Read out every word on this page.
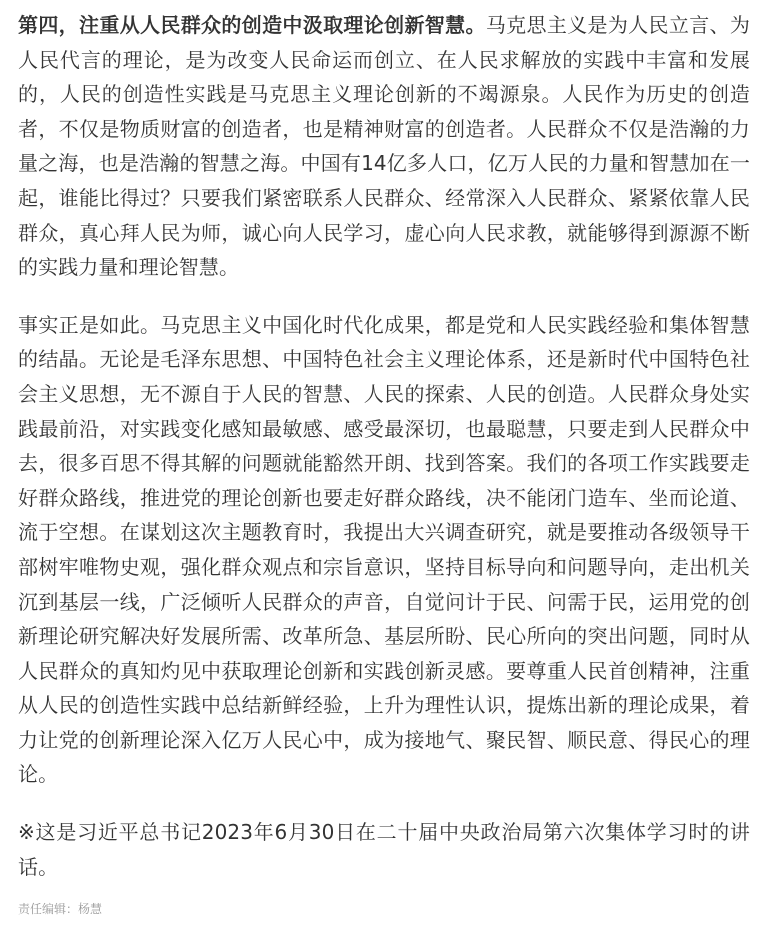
第四，注重从人民群众的创造中汲取理论创新智慧。马克思主义是为人民立言、为人民代言的理论，是为改变人民命运而创立、在人民求解放的实践中丰富和发展的，人民的创造性实践是马克思主义理论创新的不竭源泉。人民作为历史的创造者，不仅是物质财富的创造者，也是精神财富的创造者。人民群众不仅是浩瀚的力量之海，也是浩瀚的智慧之海。中国有14亿多人口，亿万人民的力量和智慧加在一起，谁能比得过？只要我们紧密联系人民群众、经常深入人民群众、紧紧依靠人民群众，真心拜人民为师，诚心向人民学习，虚心向人民求教，就能够得到源源不断的实践力量和理论智慧。

事实正是如此。马克思主义中国化时代化成果，都是党和人民实践经验和集体智慧的结晶。无论是毛泽东思想、中国特色社会主义理论体系，还是新时代中国特色社会主义思想，无不源自于人民的智慧、人民的探索、人民的创造。人民群众身处实践最前沿，对实践变化感知最敏感、感受最深切，也最聪慧，只要走到人民群众中去，很多百思不得其解的问题就能豁然开朗、找到答案。我们的各项工作实践要走好群众路线，推进党的理论创新也要走好群众路线，决不能闭门造车、坐而论道、流于空想。在谋划这次主题教育时，我提出大兴调查研究，就是要推动各级领导干部树牢唯物史观，强化群众观点和宗旨意识，坚持目标导向和问题导向，走出机关沉到基层一线，广泛倾听人民群众的声音，自觉问计于民、问需于民，运用党的创新理论研究解决好发展所需、改革所急、基层所盼、民心所向的突出问题，同时从人民群众的真知灼见中获取理论创新和实践创新灵感。要尊重人民首创精神，注重从人民的创造性实践中总结新鲜经验，上升为理性认识，提炼出新的理论成果，着力让党的创新理论深入亿万人民心中，成为接地气、聚民智、顺民意、得民心的理论。

※这是习近平总书记2023年6月30日在二十届中央政治局第六次集体学习时的讲话。

责任编辑：杨慧
